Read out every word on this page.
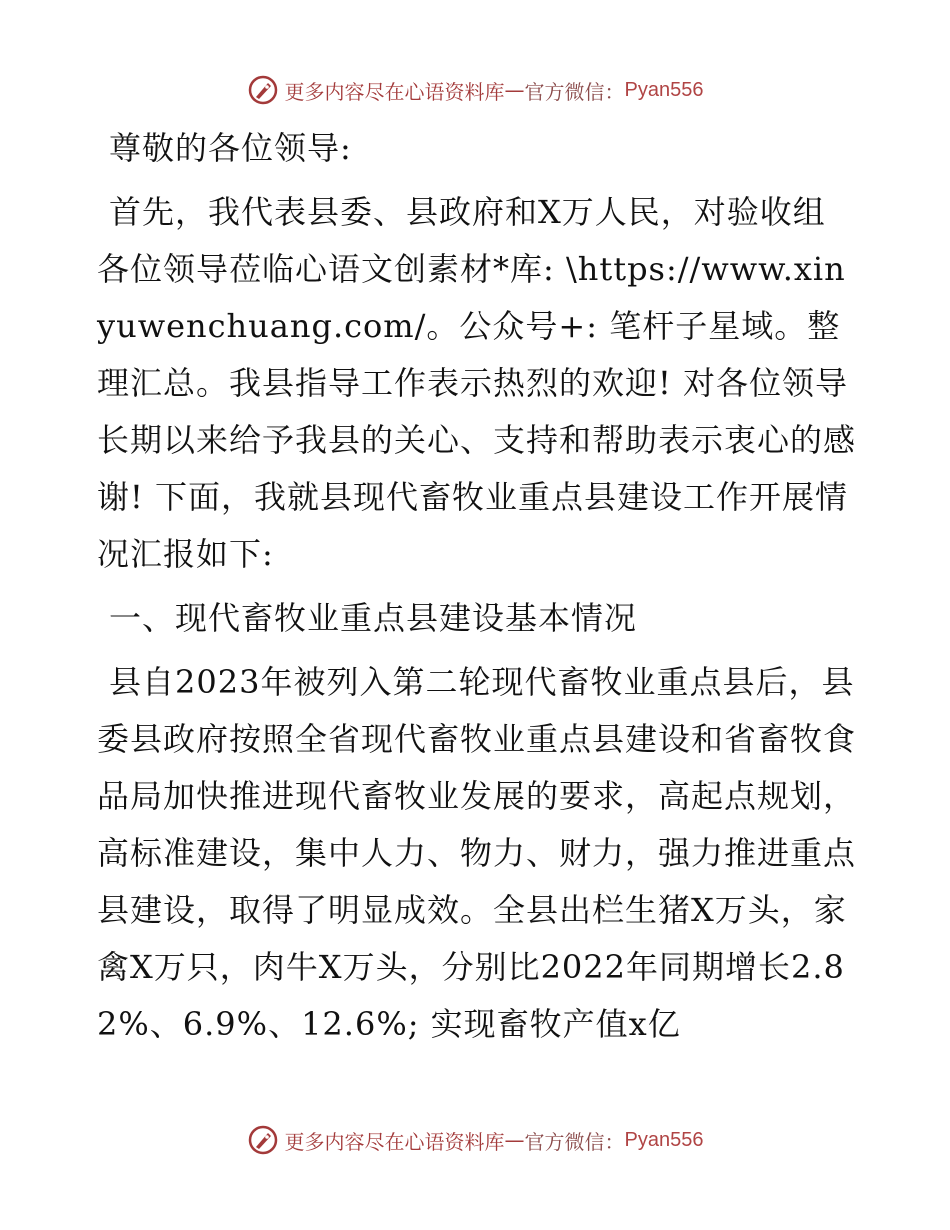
更多内容尽在心语资料库 — 官方微信： Pyan556

尊敬的各位领导:

首先，我代表县委、县政府和X万人民，对验收组各位领导莅临心语文创素材*库: \https://www.xinyuwenchuang.com/。公众号+: 笔杆子星域。整理汇总。我县指导工作表示热烈的欢迎! 对各位领导长期以来给予我县的关心、支持和帮助表示衷心的感谢! 下面，我就县现代畜牧业重点县建设工作开展情况汇报如下:

一、现代畜牧业重点县建设基本情况

县自2023年被列入第二轮现代畜牧业重点县后，县委县政府按照全省现代畜牧业重点县建设和省畜牧食品局加快推进现代畜牧业发展的要求，高起点规划，高标准建设，集中人力、物力、财力，强力推进重点县建设，取得了明显成效。全县出栏生猪X万头，家禽X万只，肉牛X万头，分别比2022年同期增长2.82%、6.9%、12.6%; 实现畜牧产值x亿

更多内容尽在心语资料库 — 官方微信： Pyan556
